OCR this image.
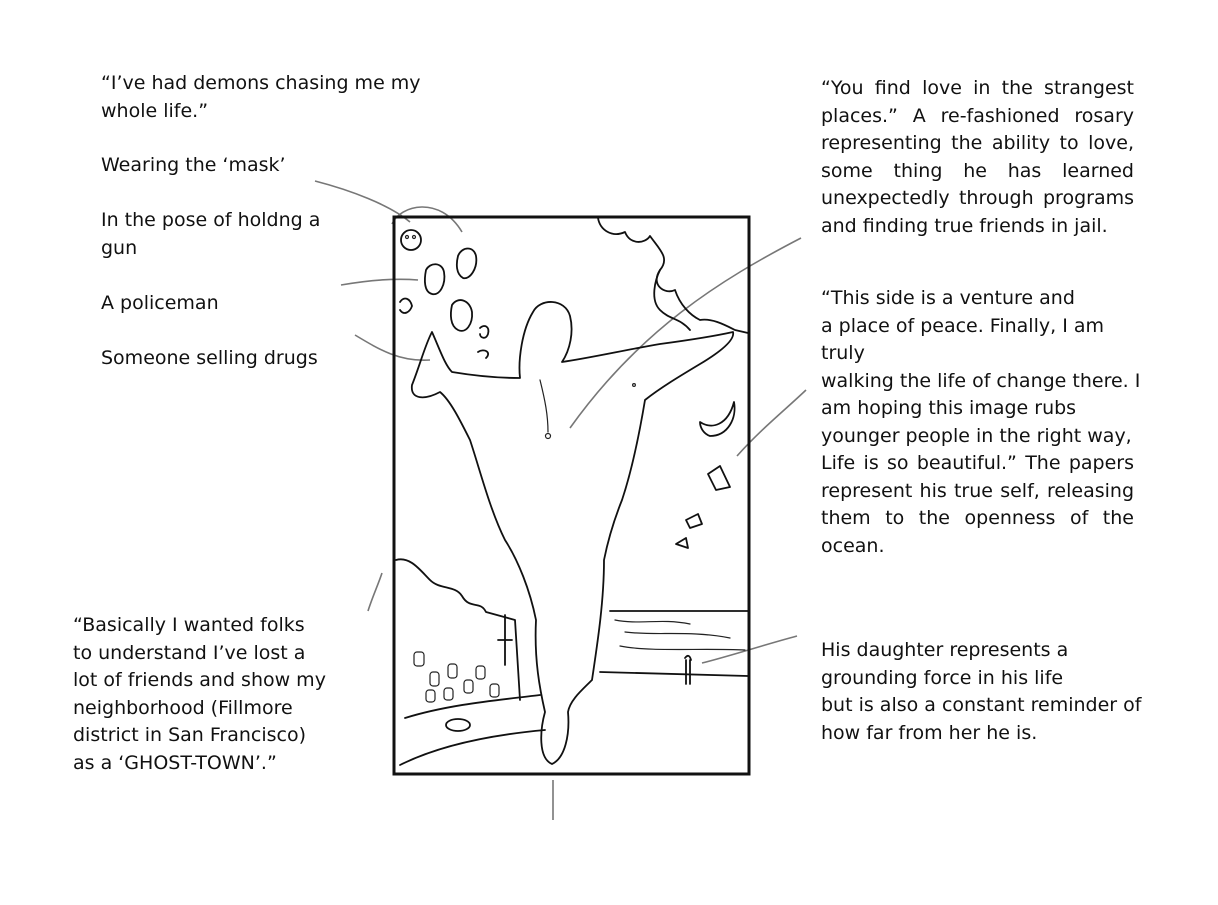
“I’ve had demons chasing me my
whole life.”

Wearing the ‘mask’

In the pose of holdng a
gun

A policeman

Someone selling drugs

“Basically I wanted folks
to understand I’ve lost a
lot of friends and show my
neighborhood (Fillmore
district in San Francisco)
as a ‘GHOST-TOWN’.”

“You find love in the strangest places.” A re-fashioned rosary representing the ability to love, some thing he has learned unexpectedly through programs and finding true friends in jail.

“This side is a venture and

a place of peace. Finally, I am truly

walking the life of change there. I

am hoping this image rubs

younger people in the right way,

Life is so beautiful.” The papers represent his true self, releasing them to the openness of the ocean.

His daughter represents a
grounding force in his life
but is also a constant reminder of
how far from her he is.
